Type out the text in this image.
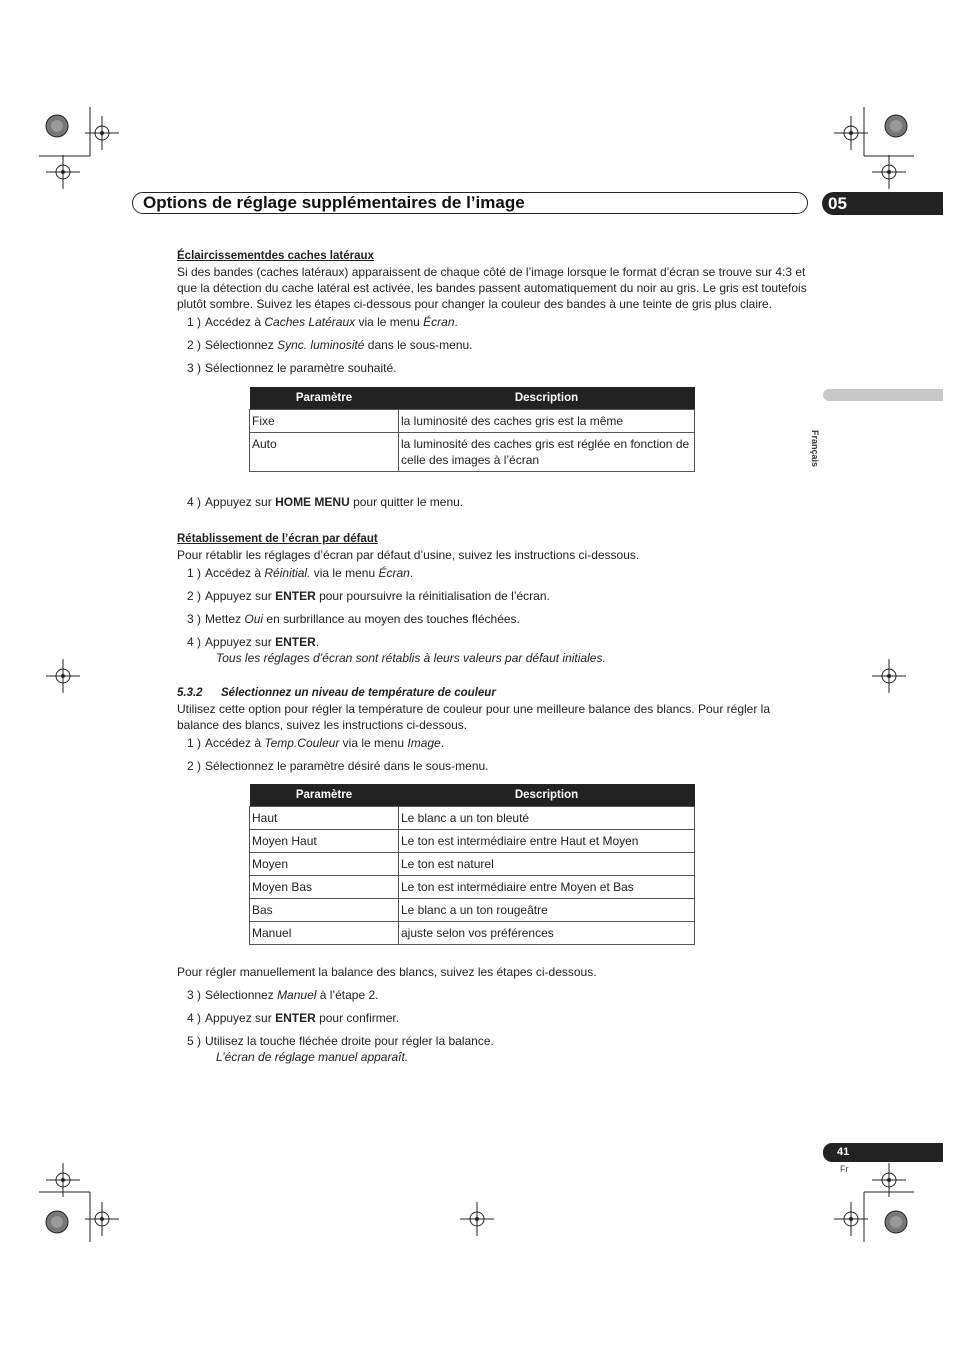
Options de réglage supplémentaires de l’image	05
Français
Éclaircissementdes caches latéraux

Si des bandes (caches latéraux) apparaissent de chaque côté de l’image lorsque le format d’écran se trouve sur 4:3 et que la détection du cache latéral est activée, les bandes passent automatiquement du noir au gris. Le gris est toutefois plutôt sombre. Suivez les étapes ci-dessous pour changer la couleur des bandes à une teinte de gris plus claire.

1 ) Accédez à Caches Latéraux via le menu Écran.
2 ) Sélectionnez Sync. luminosité dans le sous-menu.
3 ) Sélectionnez le paramètre souhaité.
Paramètre	Description
Fixe	la luminosité des caches gris est la même
Auto	la luminosité des caches gris est réglée en fonction de celle des images à l’écran
4 ) Appuyez sur HOME MENU pour quitter le menu.
Rétablissement de l’écran par défaut

Pour rétablir les réglages d’écran par défaut d’usine, suivez les instructions ci-dessous.

1 ) Accédez à Réinitial. via le menu Écran.
2 ) Appuyez sur ENTER pour poursuivre la réinitialisation de l’écran.
3 ) Mettez Oui en surbrillance au moyen des touches fléchées.
4 ) Appuyez sur ENTER.
Tous les réglages d’écran sont rétablis à leurs valeurs par défaut initiales.
5.3.2 Sélectionnez un niveau de température de couleur

Utilisez cette option pour régler la température de couleur pour une meilleure balance des blancs. Pour régler la balance des blancs, suivez les instructions ci-dessous.

1 ) Accédez à Temp.Couleur via le menu Image.
2 ) Sélectionnez le paramètre désiré dans le sous-menu.
Paramètre	Description
Haut	Le blanc a un ton bleuté
Moyen Haut	Le ton est intermédiaire entre Haut et Moyen
Moyen	Le ton est naturel
Moyen Bas	Le ton est intermédiaire entre Moyen et Bas
Bas	Le blanc a un ton rougeâtre
Manuel	ajuste selon vos préférences

Pour régler manuellement la balance des blancs, suivez les étapes ci-dessous.

3 ) Sélectionnez Manuel à l’étape 2.
4 ) Appuyez sur ENTER pour confirmer.
5 ) Utilisez la touche fléchée droite pour régler la balance.
L’écran de réglage manuel apparaît.
41
Fr
